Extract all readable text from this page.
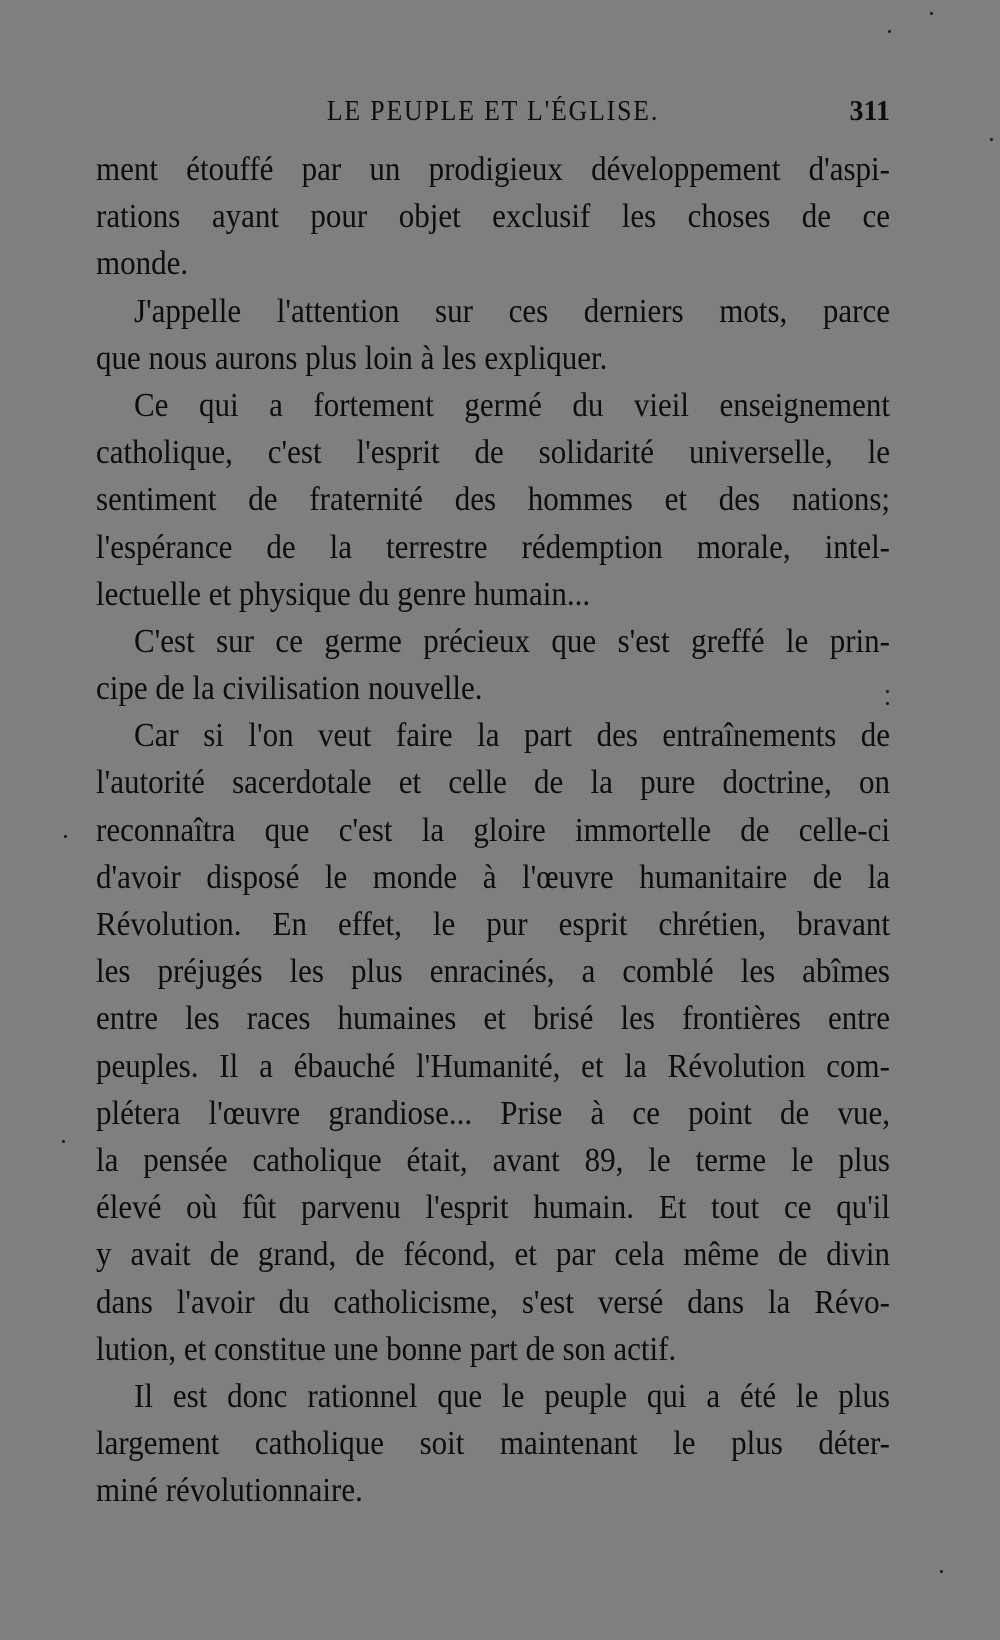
LE PEUPLE ET L'ÉGLISE.	311
ment étouffé par un prodigieux développement d'aspi-
rations ayant pour objet exclusif les choses de ce
monde.
J'appelle l'attention sur ces derniers mots, parce
que nous aurons plus loin à les expliquer.
Ce qui a fortement germé du vieil enseignement
catholique, c'est l'esprit de solidarité universelle, le
sentiment de fraternité des hommes et des nations;
l'espérance de la terrestre rédemption morale, intel-
lectuelle et physique du genre humain...
C'est sur ce germe précieux que s'est greffé le prin-
cipe de la civilisation nouvelle.
Car si l'on veut faire la part des entraînements de
l'autorité sacerdotale et celle de la pure doctrine, on
reconnaîtra que c'est la gloire immortelle de celle-ci
d'avoir disposé le monde à l'œuvre humanitaire de la
Révolution. En effet, le pur esprit chrétien, bravant
les préjugés les plus enracinés, a comblé les abîmes
entre les races humaines et brisé les frontières entre
peuples. Il a ébauché l'Humanité, et la Révolution com-
plétera l'œuvre grandiose... Prise à ce point de vue,
la pensée catholique était, avant 89, le terme le plus
élevé où fût parvenu l'esprit humain. Et tout ce qu'il
y avait de grand, de fécond, et par cela même de divin
dans l'avoir du catholicisme, s'est versé dans la Révo-
lution, et constitue une bonne part de son actif.
Il est donc rationnel que le peuple qui a été le plus
largement catholique soit maintenant le plus déter-
miné révolutionnaire.
